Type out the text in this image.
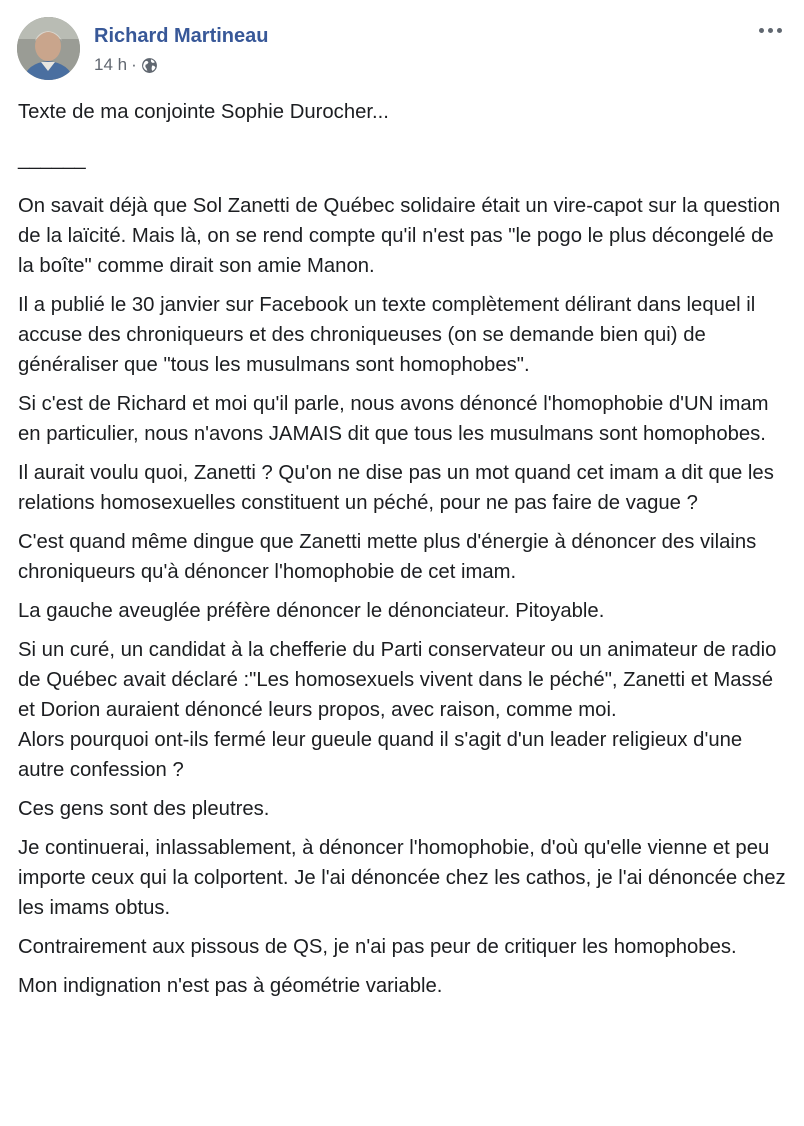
Richard Martineau
14 h ·

Texte de ma conjointe Sophie Durocher...

______

On savait déjà que Sol Zanetti de Québec solidaire était un vire-capot sur la question de la laïcité. Mais là, on se rend compte qu'il n'est pas "le pogo le plus décongelé de la boîte" comme dirait son amie Manon.

Il a publié le 30 janvier sur Facebook un texte complètement délirant dans lequel il accuse des chroniqueurs et des chroniqueuses (on se demande bien qui) de généraliser que "tous les musulmans sont homophobes".

Si c'est de Richard et moi qu'il parle, nous avons dénoncé l'homophobie d'UN imam en particulier, nous n'avons JAMAIS dit que tous les musulmans sont homophobes.

Il aurait voulu quoi, Zanetti ? Qu'on ne dise pas un mot quand cet imam a dit que les relations homosexuelles constituent un péché, pour ne pas faire de vague ?

C'est quand même dingue que Zanetti mette plus d'énergie à dénoncer des vilains chroniqueurs qu'à dénoncer l'homophobie de cet imam.

La gauche aveuglée préfère dénoncer le dénonciateur. Pitoyable.

Si un curé, un candidat à la chefferie du Parti conservateur ou un animateur de radio de Québec avait déclaré :"Les homosexuels vivent dans le péché", Zanetti et Massé et Dorion auraient dénoncé leurs propos, avec raison, comme moi.

Alors pourquoi ont-ils fermé leur gueule quand il s'agit d'un leader religieux d'une autre confession ?

Ces gens sont des pleutres.

Je continuerai, inlassablement, à dénoncer l'homophobie, d'où qu'elle vienne et peu importe ceux qui la colportent. Je l'ai dénoncée chez les cathos, je l'ai dénoncée chez les imams obtus.

Contrairement aux pissous de QS, je n'ai pas peur de critiquer les homophobes.

Mon indignation n'est pas à géométrie variable.
